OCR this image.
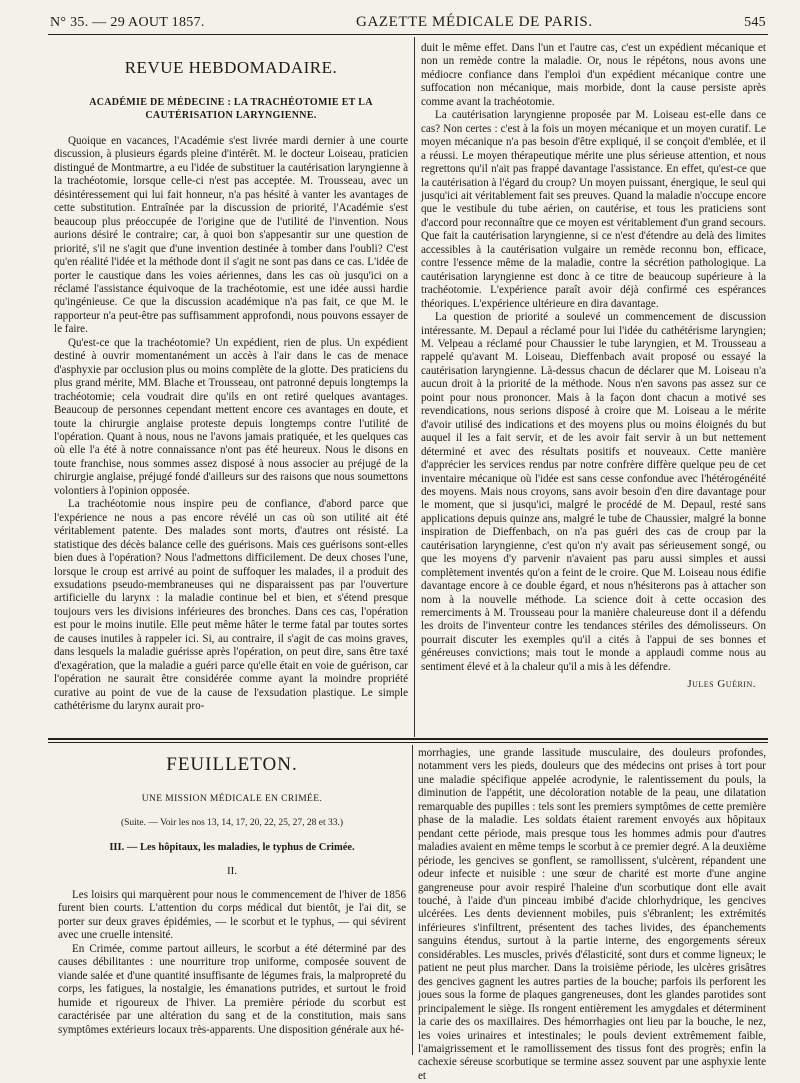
N° 35. — 29 AOUT 1857.	GAZETTE MÉDICALE DE PARIS.	545
REVUE HEBDOMADAIRE.
ACADÉMIE DE MÉDECINE : LA TRACHÉOTOMIE ET LA CAUTÉRISATION LARYNGIENNE.

Quoique en vacances, l'Académie s'est livrée mardi dernier à une courte discussion, à plusieurs égards pleine d'intérêt. M. le docteur Loiseau, praticien distingué de Montmartre, a eu l'idée de substituer la cautérisation laryngienne à la trachéotomie, lorsque celle-ci n'est pas acceptée. M. Trousseau, avec un désintéressement qui lui fait honneur, n'a pas hésité à vanter les avantages de cette substitution. Entraînée par la discussion de priorité, l'Académie s'est beaucoup plus préoccupée de l'origine que de l'utilité de l'invention. Nous aurions désiré le contraire; car, à quoi bon s'appesantir sur une question de priorité, s'il ne s'agit que d'une invention destinée à tomber dans l'oubli? C'est qu'en réalité l'idée et la méthode dont il s'agit ne sont pas dans ce cas. L'idée de porter le caustique dans les voies aériennes, dans les cas où jusqu'ici on a réclamé l'assistance équivoque de la trachéotomie, est une idée aussi hardie qu'ingénieuse. Ce que la discussion académique n'a pas fait, ce que M. le rapporteur n'a peut-être pas suffisamment approfondi, nous pouvons essayer de le faire.

Qu'est-ce que la trachéotomie? Un expédient, rien de plus. Un expédient destiné à ouvrir momentanément un accès à l'air dans le cas de menace d'asphyxie par occlusion plus ou moins complète de la glotte. Des praticiens du plus grand mérite, MM. Blache et Trousseau, ont patronné depuis longtemps la trachéotomie; cela voudrait dire qu'ils en ont retiré quelques avantages. Beaucoup de personnes cependant mettent encore ces avantages en doute, et toute la chirurgie anglaise proteste depuis longtemps contre l'utilité de l'opération. Quant à nous, nous ne l'avons jamais pratiquée, et les quelques cas où elle l'a été à notre connaissance n'ont pas été heureux. Nous le disons en toute franchise, nous sommes assez disposé à nous associer au préjugé de la chirurgie anglaise, préjugé fondé d'ailleurs sur des raisons que nous soumettons volontiers à l'opinion opposée.

La trachéotomie nous inspire peu de confiance, d'abord parce que l'expérience ne nous a pas encore révélé un cas où son utilité ait été véritablement patente. Des malades sont morts, d'autres ont résisté. La statistique des décès balance celle des guérisons. Mais ces guérisons sont-elles bien dues à l'opération? Nous l'admettons difficilement. De deux choses l'une, lorsque le croup est arrivé au point de suffoquer les malades, il a produit des exsudations pseudo-membraneuses qui ne disparaissent pas par l'ouverture artificielle du larynx : la maladie continue bel et bien, et s'étend presque toujours vers les divisions inférieures des bronches. Dans ces cas, l'opération est pour le moins inutile. Elle peut même hâter le terme fatal par toutes sortes de causes inutiles à rappeler ici. Si, au contraire, il s'agit de cas moins graves, dans lesquels la maladie guérisse après l'opération, on peut dire, sans être taxé d'exagération, que la maladie a guéri parce qu'elle était en voie de guérison, car l'opération ne saurait être considérée comme ayant la moindre propriété curative au point de vue de la cause de l'exsudation plastique. Le simple cathétérisme du larynx aurait pro-

duit le même effet. Dans l'un et l'autre cas, c'est un expédient mécanique et non un remède contre la maladie. Or, nous le répétons, nous avons une médiocre confiance dans l'emploi d'un expédient mécanique contre une suffocation non mécanique, mais morbide, dont la cause persiste après comme avant la trachéotomie.

La cautérisation laryngienne proposée par M. Loiseau est-elle dans ce cas? Non certes : c'est à la fois un moyen mécanique et un moyen curatif. Le moyen mécanique n'a pas besoin d'être expliqué, il se conçoit d'emblée, et il a réussi. Le moyen thérapeutique mérite une plus sérieuse attention, et nous regrettons qu'il n'ait pas frappé davantage l'assistance. En effet, qu'est-ce que la cautérisation à l'égard du croup? Un moyen puissant, énergique, le seul qui jusqu'ici ait véritablement fait ses preuves. Quand la maladie n'occupe encore que le vestibule du tube aérien, on cautérise, et tous les praticiens sont d'accord pour reconnaître que ce moyen est véritablement d'un grand secours. Que fait la cautérisation laryngienne, si ce n'est d'étendre au delà des limites accessibles à la cautérisation vulgaire un remède reconnu bon, efficace, contre l'essence même de la maladie, contre la sécrétion pathologique. La cautérisation laryngienne est donc à ce titre de beaucoup supérieure à la trachéotomie. L'expérience paraît avoir déjà confirmé ces espérances théoriques. L'expérience ultérieure en dira davantage.

La question de priorité a soulevé un commencement de discussion intéressante. M. Depaul a réclamé pour lui l'idée du cathétérisme laryngien; M. Velpeau a réclamé pour Chaussier le tube laryngien, et M. Trousseau a rappelé qu'avant M. Loiseau, Dieffenbach avait proposé ou essayé la cautérisation laryngienne. Là-dessus chacun de déclarer que M. Loiseau n'a aucun droit à la priorité de la méthode. Nous n'en savons pas assez sur ce point pour nous prononcer. Mais à la façon dont chacun a motivé ses revendications, nous serions disposé à croire que M. Loiseau a le mérite d'avoir utilisé des indications et des moyens plus ou moins éloignés du but auquel il les a fait servir, et de les avoir fait servir à un but nettement déterminé et avec des résultats positifs et nouveaux. Cette manière d'apprécier les services rendus par notre confrère diffère quelque peu de cet inventaire mécanique où l'idée est sans cesse confondue avec l'hétérogénéité des moyens. Mais nous croyons, sans avoir besoin d'en dire davantage pour le moment, que si jusqu'ici, malgré le procédé de M. Depaul, resté sans applications depuis quinze ans, malgré le tube de Chaussier, malgré la bonne inspiration de Dieffenbach, on n'a pas guéri des cas de croup par la cautérisation laryngienne, c'est qu'on n'y avait pas sérieusement songé, ou que les moyens d'y parvenir n'avaient pas paru aussi simples et aussi complètement inventés qu'on a feint de le croire. Que M. Loiseau nous édifie davantage encore à ce double égard, et nous n'hésiterons pas à attacher son nom à la nouvelle méthode. La science doit à cette occasion des remerciments à M. Trousseau pour la manière chaleureuse dont il a défendu les droits de l'inventeur contre les tendances stériles des démolisseurs. On pourrait discuter les exemples qu'il a cités à l'appui de ses bonnes et généreuses convictions; mais tout le monde a applaudi comme nous au sentiment élevé et à la chaleur qu'il a mis à les défendre.

Jules Guérin.
FEUILLETON.
UNE MISSION MÉDICALE EN CRIMÉE.
(Suite. — Voir les nos 13, 14, 17, 20, 22, 25, 27, 28 et 33.)
III. — Les hôpitaux, les maladies, le typhus de Crimée.
II.

Les loisirs qui marquèrent pour nous le commencement de l'hiver de 1856 furent bien courts. L'attention du corps médical dut bientôt, je l'ai dit, se porter sur deux graves épidémies, — le scorbut et le typhus, — qui sévirent avec une cruelle intensité.

En Crimée, comme partout ailleurs, le scorbut a été déterminé par des causes débilitantes : une nourriture trop uniforme, composée souvent de viande salée et d'une quantité insuffisante de légumes frais, la malpropreté du corps, les fatigues, la nostalgie, les émanations putrides, et surtout le froid humide et rigoureux de l'hiver. La première période du scorbut est caractérisée par une altération du sang et de la constitution, mais sans symptômes extérieurs locaux très-apparents. Une disposition générale aux hé-

morrhagies, une grande lassitude musculaire, des douleurs profondes, notamment vers les pieds, douleurs que des médecins ont prises à tort pour une maladie spécifique appelée acrodynie, le ralentissement du pouls, la diminution de l'appétit, une décoloration notable de la peau, une dilatation remarquable des pupilles : tels sont les premiers symptômes de cette première phase de la maladie. Les soldats étaient rarement envoyés aux hôpitaux pendant cette période, mais presque tous les hommes admis pour d'autres maladies avaient en même temps le scorbut à ce premier degré. A la deuxième période, les gencives se gonflent, se ramollissent, s'ulcèrent, répandent une odeur infecte et nuisible : une sœur de charité est morte d'une angine gangreneuse pour avoir respiré l'haleine d'un scorbutique dont elle avait touché, à l'aide d'un pinceau imbibé d'acide chlorhydrique, les gencives ulcérées. Les dents deviennent mobiles, puis s'ébranlent; les extrémités inférieures s'infiltrent, présentent des taches livides, des épanchements sanguins étendus, surtout à la partie interne, des engorgements séreux considérables. Les muscles, privés d'élasticité, sont durs et comme ligneux; le patient ne peut plus marcher. Dans la troisième période, les ulcères grisâtres des gencives gagnent les autres parties de la bouche; parfois ils perforent les joues sous la forme de plaques gangreneuses, dont les glandes parotides sont principalement le siège. Ils rongent entièrement les amygdales et déterminent la carie des os maxillaires. Des hémorrhagies ont lieu par la bouche, le nez, les voies urinaires et intestinales; le pouls devient extrêmement faible, l'amaigrissement et le ramollissement des tissus font des progrès; enfin la cachexie séreuse scorbutique se termine assez souvent par une asphyxie lente et
